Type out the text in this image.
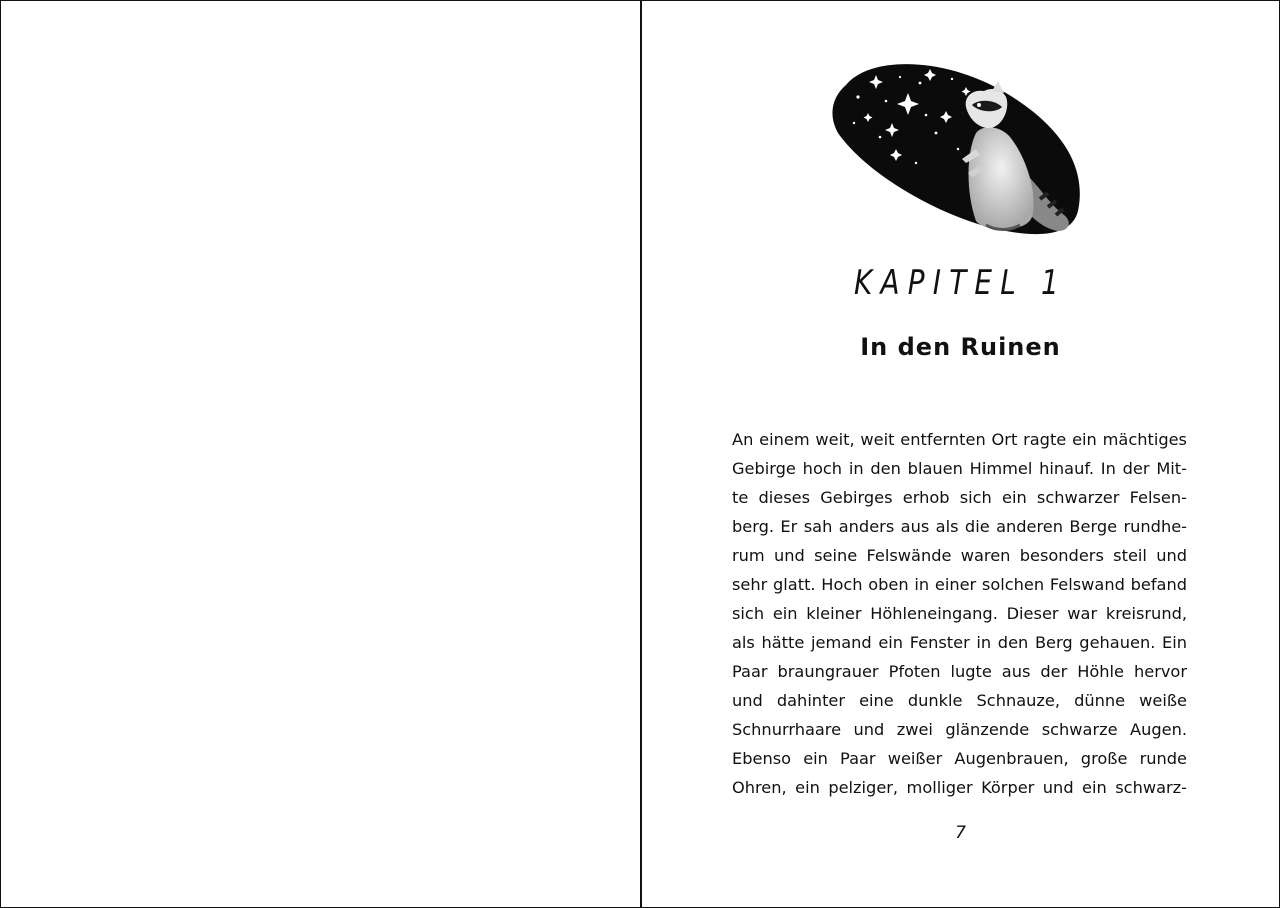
KAPITEL 1
In den Ruinen
An einem weit, weit entfernten Ort ragte ein mächtiges
Gebirge hoch in den blauen Himmel hinauf. In der Mit-
te dieses Gebirges erhob sich ein schwarzer Felsen-
berg. Er sah anders aus als die anderen Berge rundhe-
rum und seine Felswände waren besonders steil und
sehr glatt. Hoch oben in einer solchen Felswand befand
sich ein kleiner Höhleneingang. Dieser war kreisrund,
als hätte jemand ein Fenster in den Berg gehauen. Ein
Paar braungrauer Pfoten lugte aus der Höhle hervor
und dahinter eine dunkle Schnauze, dünne weiße
Schnurrhaare und zwei glänzende schwarze Augen.
Ebenso ein Paar weißer Augenbrauen, große runde
Ohren, ein pelziger, molliger Körper und ein schwarz-
7
